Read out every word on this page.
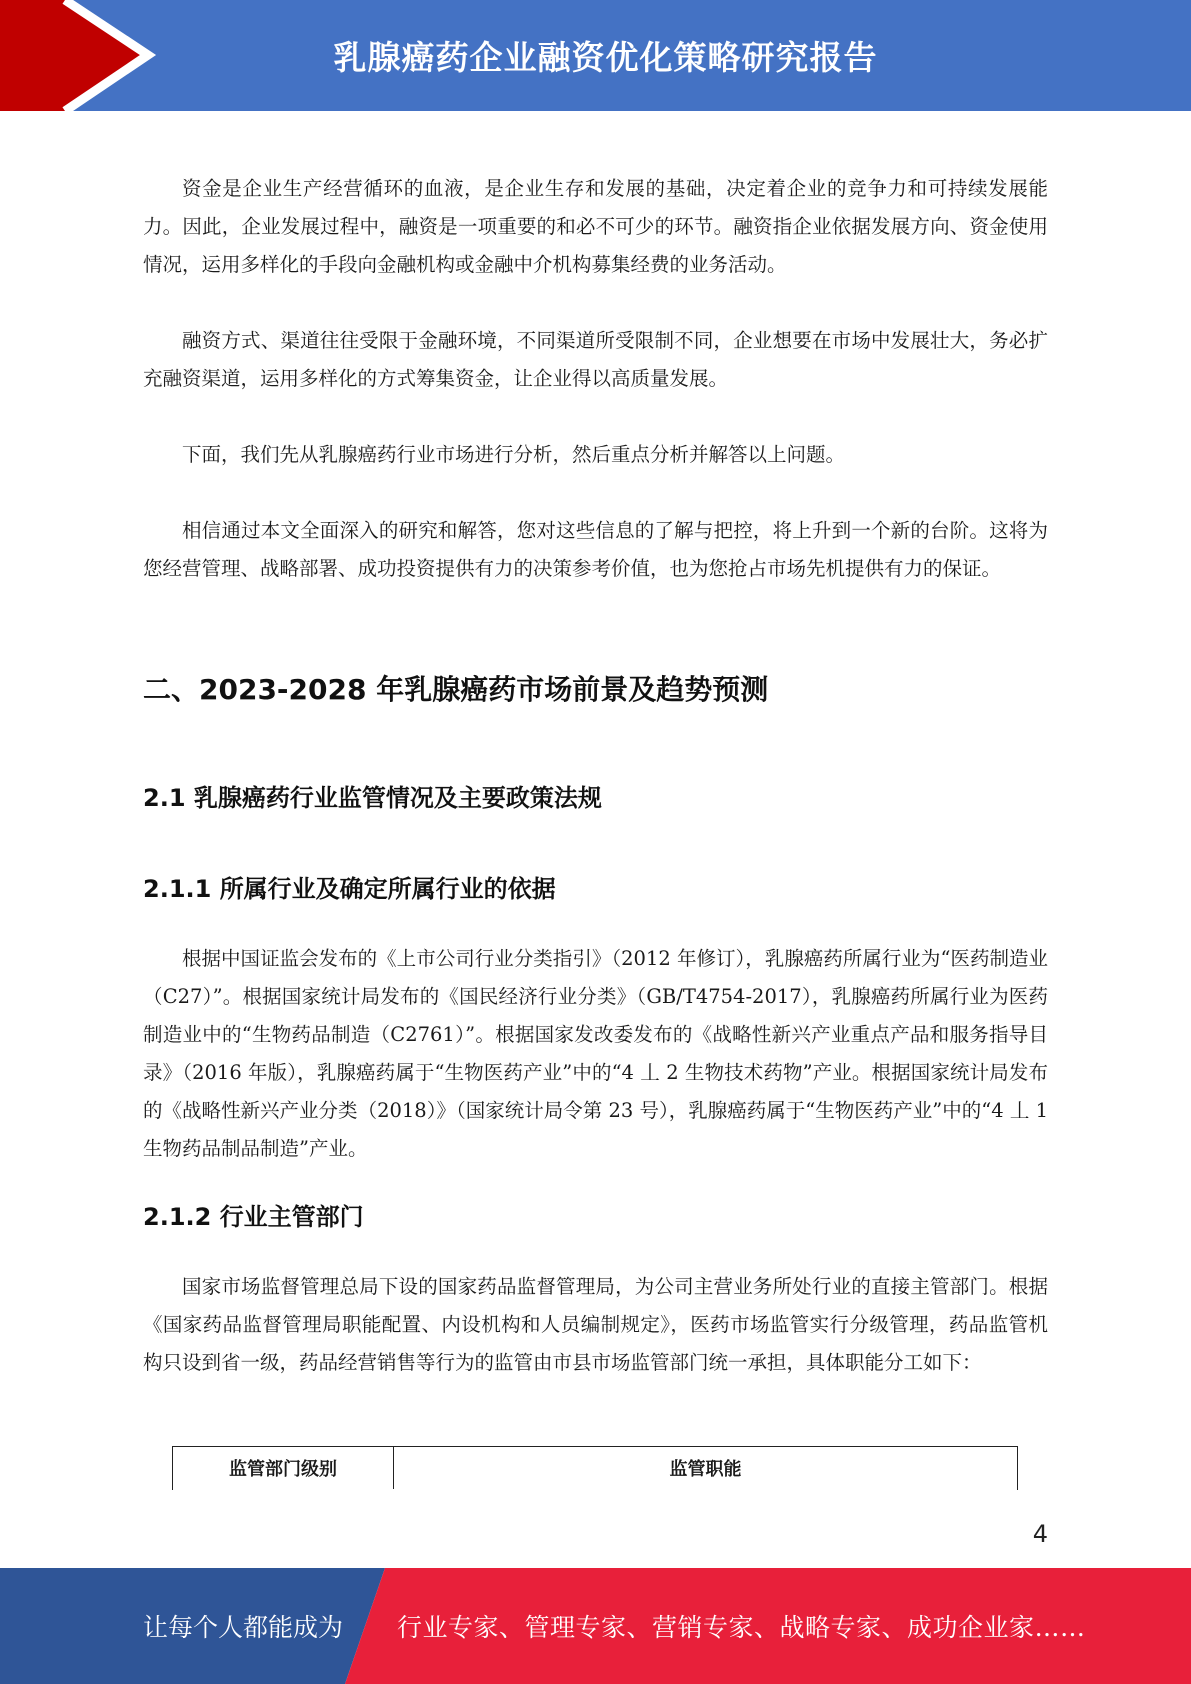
乳腺癌药企业融资优化策略研究报告

资金是企业生产经营循环的血液，是企业生存和发展的基础，决定着企业的竞争力和可持续发展能力。因此，企业发展过程中，融资是一项重要的和必不可少的环节。融资指企业依据发展方向、资金使用情况，运用多样化的手段向金融机构或金融中介机构募集经费的业务活动。

融资方式、渠道往往受限于金融环境，不同渠道所受限制不同，企业想要在市场中发展壮大，务必扩充融资渠道，运用多样化的方式筹集资金，让企业得以高质量发展。

下面，我们先从乳腺癌药行业市场进行分析，然后重点分析并解答以上问题。

相信通过本文全面深入的研究和解答，您对这些信息的了解与把控，将上升到一个新的台阶。这将为您经营管理、战略部署、成功投资提供有力的决策参考价值，也为您抢占市场先机提供有力的保证。

二、2023-2028 年乳腺癌药市场前景及趋势预测
2.1 乳腺癌药行业监管情况及主要政策法规
2.1.1 所属行业及确定所属行业的依据

根据中国证监会发布的《上市公司行业分类指引》（2012 年修订），乳腺癌药所属行业为“医药制造业（C27）”。根据国家统计局发布的《国民经济行业分类》（GB/T4754-2017），乳腺癌药所属行业为医药制造业中的“生物药品制造（C2761）”。根据国家发改委发布的《战略性新兴产业重点产品和服务指导目录》（2016 年版），乳腺癌药属于“生物医药产业”中的“4 丄 2 生物技术药物”产业。根据国家统计局发布的《战略性新兴产业分类（2018）》（国家统计局令第 23 号），乳腺癌药属于“生物医药产业”中的“4 丄 1 生物药品制品制造”产业。

2.1.2 行业主管部门

国家市场监督管理总局下设的国家药品监督管理局，为公司主营业务所处行业的直接主管部门。根据《国家药品监督管理局职能配置、内设机构和人员编制规定》，医药市场监管实行分级管理，药品监管机构只设到省一级，药品经营销售等行为的监管由市县市场监管部门统一承担，具体职能分工如下：

监管部门级别	监管职能
4
让每个人都能成为 行业专家、管理专家、营销专家、战略专家、成功企业家……
